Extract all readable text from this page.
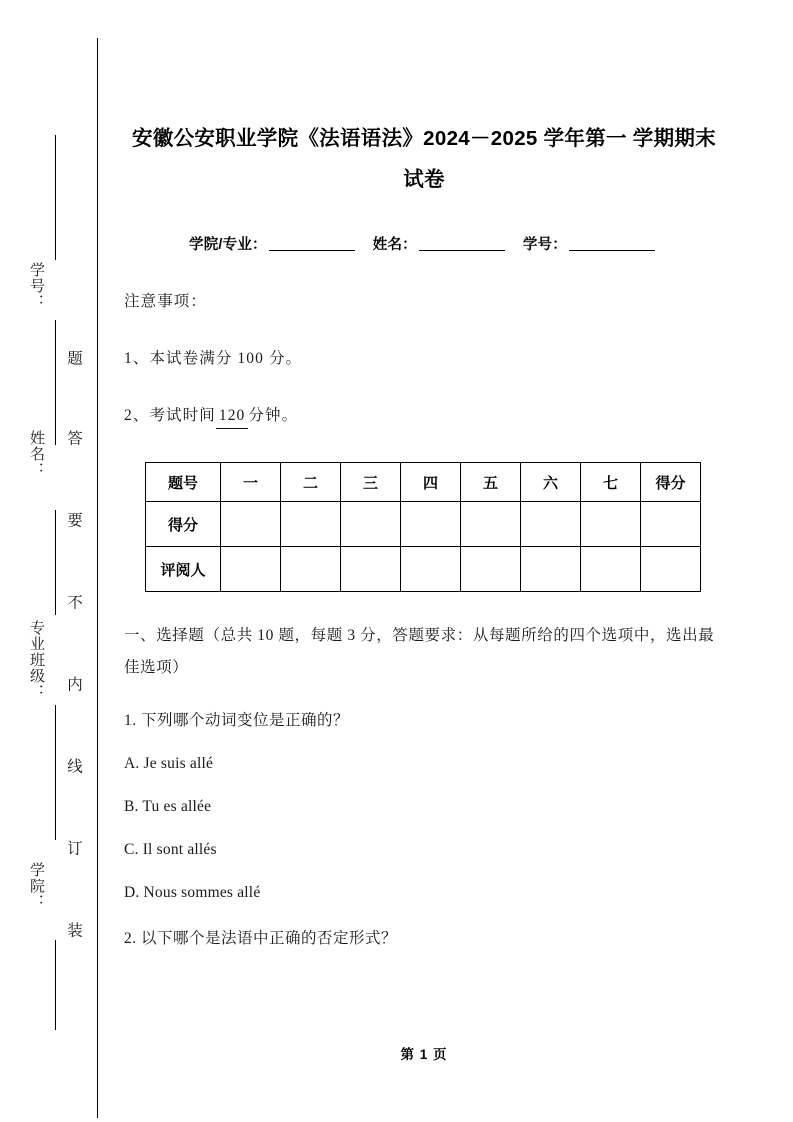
学号：
姓名：
专业班级：
学院：
题
答
要
不
内
线
订
装
安徽公安职业学院《法语语法》2024－2025 学年第一 学期期末试卷
学院/专业：	姓名：	学号：
注意事项：
1、本试卷满分 100 分。
2、考试时间 120 分钟。
题号	一	二	三	四	五	六	七	得分
得分								
评阅人								
一、选择题（总共 10 题，每题 3 分，答题要求：从每题所给的四个选项中，选出最佳选项）
1. 下列哪个动词变位是正确的？
A. Je suis allé
B. Tu es allée
C. Il sont allés
D. Nous sommes allé
2. 以下哪个是法语中正确的否定形式？
第 1 页
